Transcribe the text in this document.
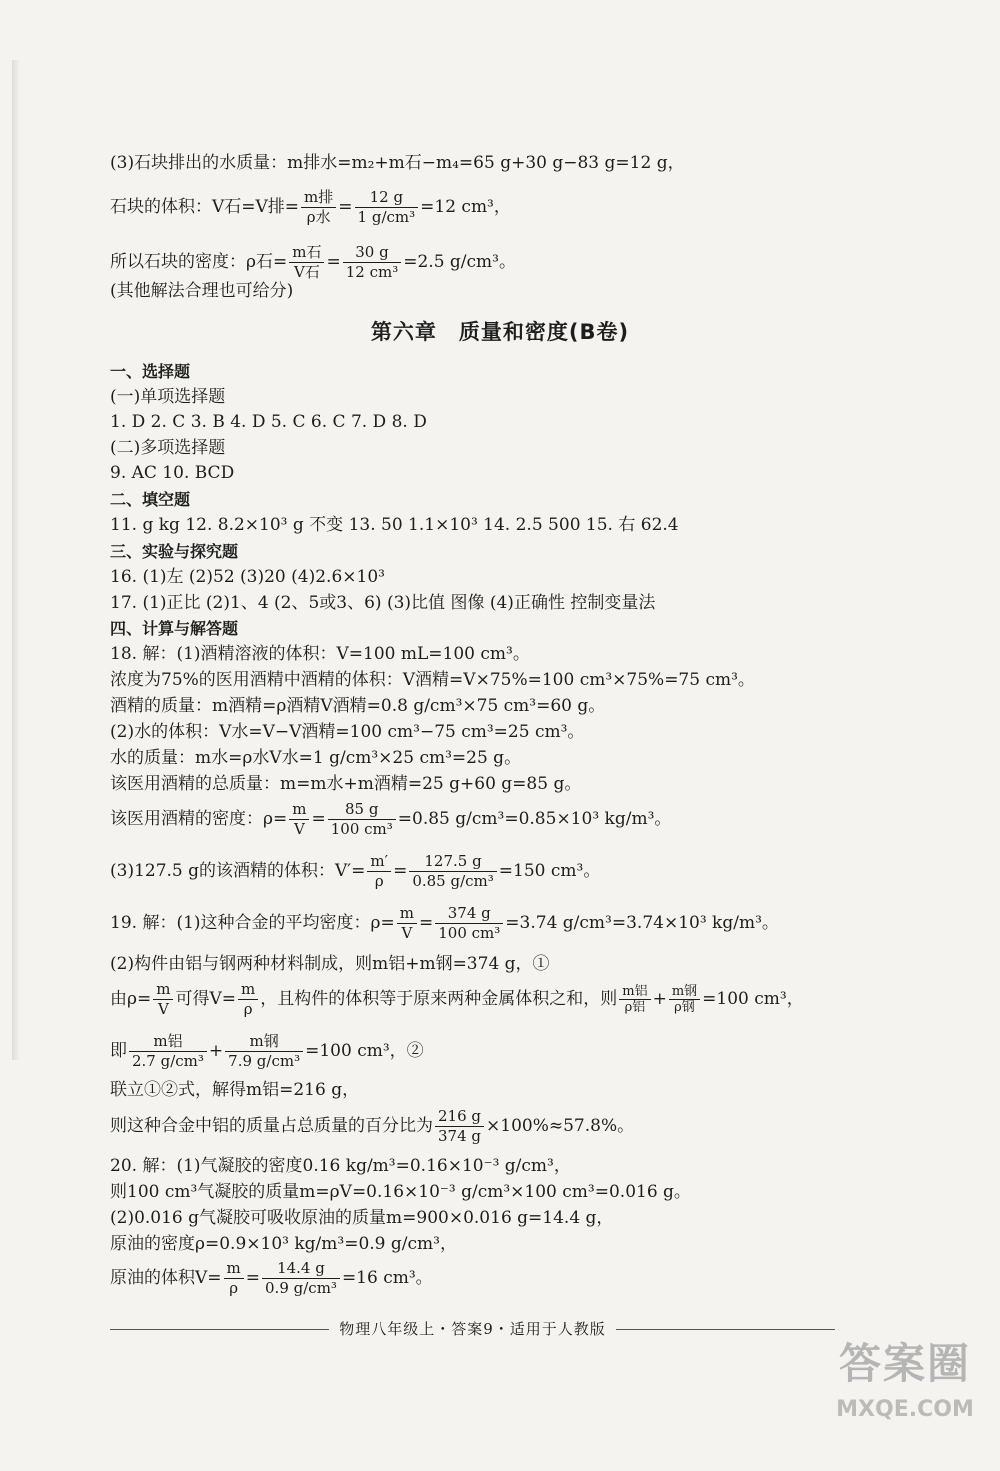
(3)石块排出的水质量：m排水=m₂+m石−m₄=65 g+30 g−83 g=12 g，
石块的体积：V石=V排= $\frac{\text{m排}}{\text{ρ水}} = \frac{12 g}{\text{1 g/cm³}} =12$ cm³，
所以石块的密度：ρ石= $\frac{\text{m石}}{\text{V石}} = \frac{30 g}{\text{12 cm³}} =2.5$ g/cm³。
(其他解法合理也可给分)
第六章　质量和密度(B卷)
一、选择题
(一)单项选择题
1. D 2. C 3. B 4. D 5. C 6. C 7. D 8. D
(二)多项选择题
9. AC 10. BCD
二、填空题
11. g kg 12. 8.2×10³ g 不变 13. 50 1.1×10³ 14. 2.5 500 15. 右 62.4
三、实验与探究题
16. (1)左 (2)52 (3)20 (4)2.6×10³
17. (1)正比 (2)1、4 (2、5或3、6) (3)比值 图像 (4)正确性 控制变量法
四、计算与解答题
18. 解：(1)酒精溶液的体积：V=100 mL=100 cm³。
浓度为75%的医用酒精中酒精的体积：V酒精=V×75%=100 cm³×75%=75 cm³。
酒精的质量：m酒精=ρ酒精V酒精=0.8 g/cm³×75 cm³=60 g。
(2)水的体积：V水=V−V酒精=100 cm³−75 cm³=25 cm³。
水的质量：m水=ρ水V水=1 g/cm³×25 cm³=25 g。
该医用酒精的总质量：m=m水+m酒精=25 g+60 g=85 g。
该医用酒精的密度：$\rho= \frac{m}{V} = \frac{85 g}{\text{100 cm³}} =0.85$ g/cm³=0.85×10³ kg/m³。
(3)127.5 g的该酒精的体积：$V'= \frac{m'}{\rho} = \frac{127.5 g}{\text{0.85 g/cm³}} =150$ cm³。
19. 解：(1)这种合金的平均密度：$\rho= \frac{m}{V} = \frac{374 g}{\text{100 cm³}} =3.74$ g/cm³=3.74×10³ kg/m³。
(2)构件由铝与钢两种材料制成，则m铝+m钢=374 g，①
由$\rho= \frac{m}{V}$ 可得$V= \frac{m}{\rho}$ ，且构件的体积等于原来两种金属体积之和，则 $\frac{\text{m铝}}{\text{ρ铝}} + \frac{\text{m钢}}{\text{ρ钢}} =100$ cm³，
即 $\frac{\text{m铝}}{\text{2.7 g/cm³}} + \frac{\text{m钢}}{\text{7.9 g/cm³}} =100$ cm³，②
联立①②式，解得m铝=216 g，
则这种合金中铝的质量占总质量的百分比为 $\frac{216 g}{374 g} \times 100\%\approx 57.8\%$。
20. 解：(1)气凝胶的密度0.16 kg/m³=0.16×10⁻³ g/cm³，
则100 cm³气凝胶的质量m=ρV=0.16×10⁻³ g/cm³×100 cm³=0.016 g。
(2)0.016 g气凝胶可吸收原油的质量m=900×0.016 g=14.4 g，
原油的密度ρ=0.9×10³ kg/m³=0.9 g/cm³，
原油的体积$V= \frac{m}{\rho} = \frac{14.4 g}{\text{0.9 g/cm³}} =16$ cm³。
物理八年级上・答案9・适用于人教版
答案圈
MXQE.COM
